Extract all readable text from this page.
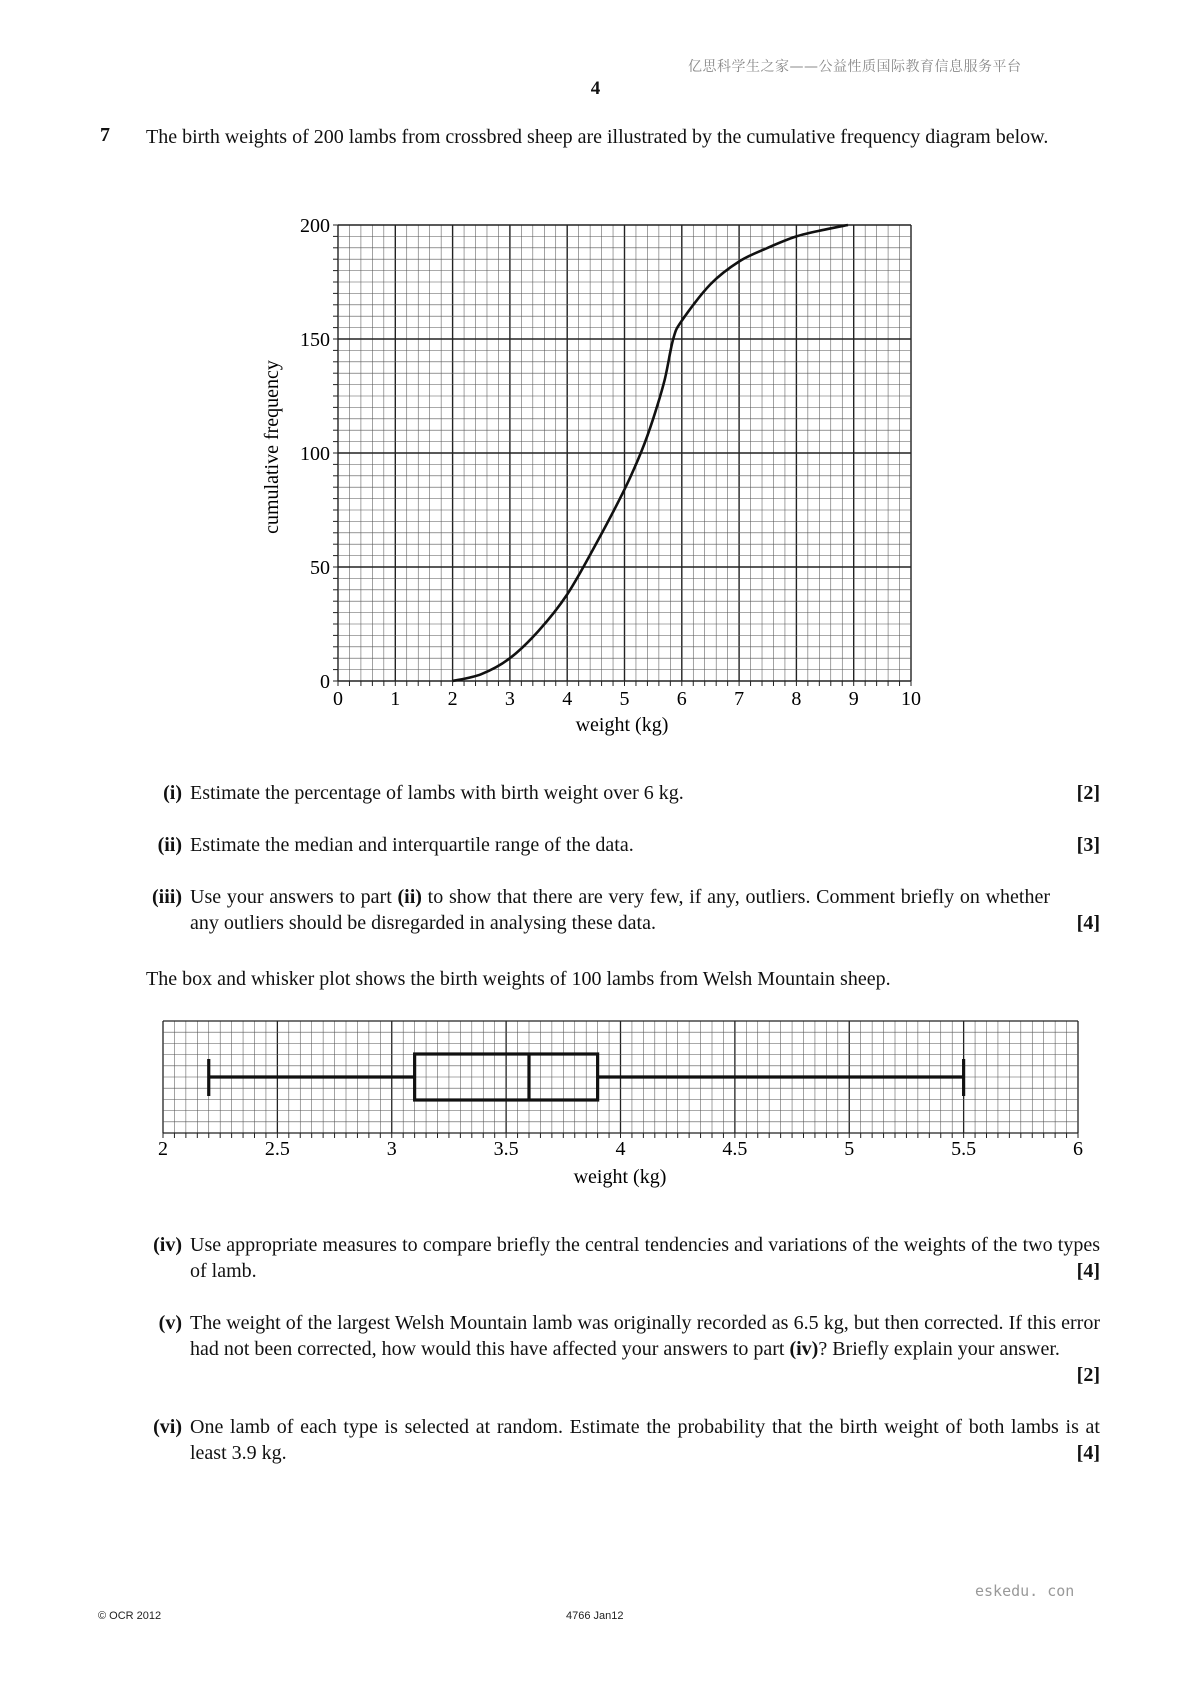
亿思科学生之家——公益性质国际教育信息服务平台
4
7 The birth weights of 200 lambs from crossbred sheep are illustrated by the cumulative frequency diagram below.
0 1 2 3 4 5 6 7 8 9 10
0
50
100
150
200
weight (kg)
cumulative frequency
(i) Estimate the percentage of lambs with birth weight over 6 kg.	[2]
(ii) Estimate the median and interquartile range of the data.	[3]
(iii) Use your answers to part (ii) to show that there are very few, if any, outliers. Comment briefly on whether any outliers should be disregarded in analysing these data.	[4]
The box and whisker plot shows the birth weights of 100 lambs from Welsh Mountain sheep.
2	2.5	3	3.5	4	4.5	5	5.5	6
weight (kg)
(iv) Use appropriate measures to compare briefly the central tendencies and variations of the weights of the two types of lamb.	[4]
(v) The weight of the largest Welsh Mountain lamb was originally recorded as 6.5 kg, but then corrected. If this error had not been corrected, how would this have affected your answers to part (iv)? Briefly explain your answer.
[2]
(vi) One lamb of each type is selected at random. Estimate the probability that the birth weight of both lambs is at least 3.9 kg.	[4]
eskedu. con
© OCR 2012	4766 Jan12
